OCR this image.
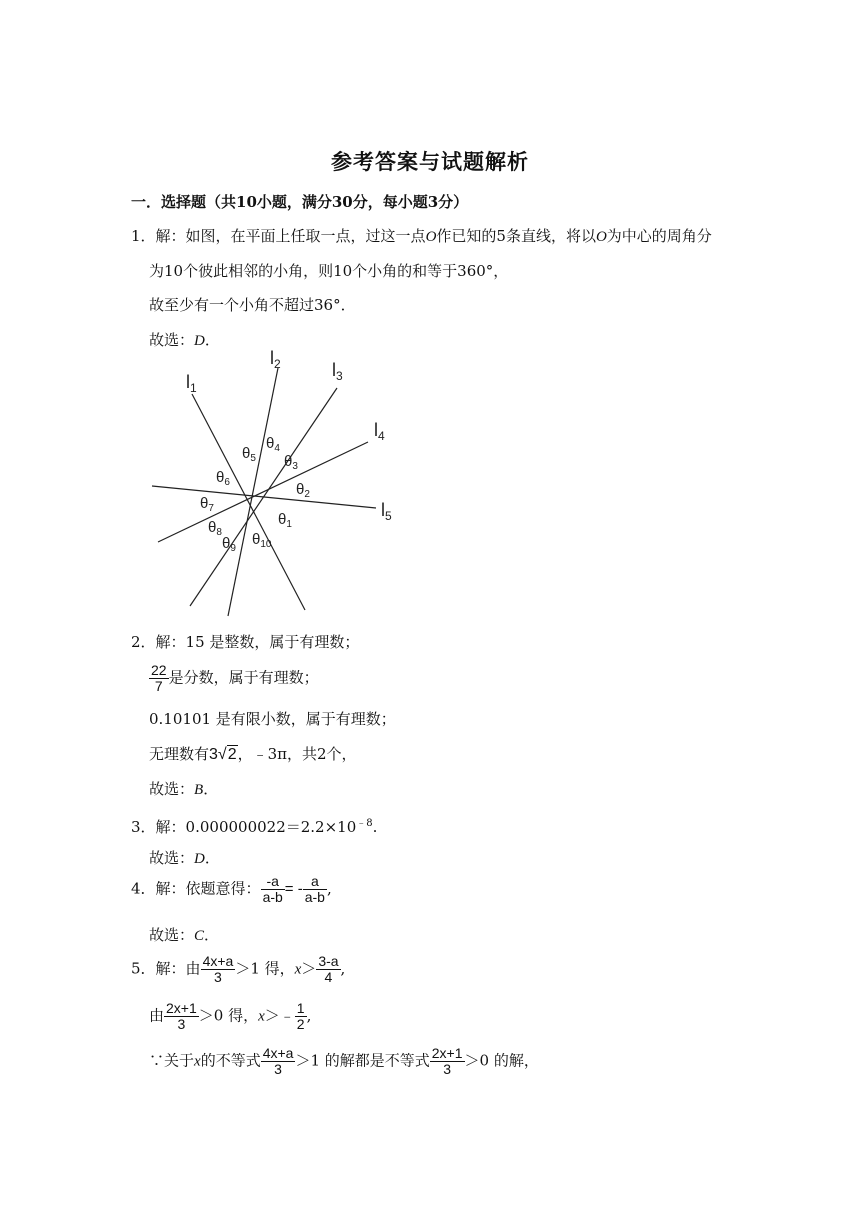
参考答案与试题解析
一．选择题（共10小题，满分30分，每小题3分）
1．解：如图，在平面上任取一点，过这一点O作已知的5条直线，将以O为中心的周角分
为10个彼此相邻的小角，则10个小角的和等于360°，
故至少有一个小角不超过36°．
故选：D．
$l_1$
$l_2$	$l_3$
$l_4$
$l_5$
$\theta_1$
$\theta_2$
$\theta_3$
$\theta_4$
$\theta_5$
$\theta_6$
$\theta_7$
$\theta_8$
$\theta_9$
$\theta_{10}$
2．解：15 是整数，属于有理数；
$\frac{22}{7}$ 是分数，属于有理数；
0.10101 是有限小数，属于有理数；
无理数有3√2，﹣3π，共2个，
故选：B．
3．解：$0.000000022=2.2\times 10^{﹣8}$.
故选：D．
4．解：依题意得： $\frac{-a}{a-b}$ = - $\frac{a}{a-b}$ ,
故选：C．
5．解：由 $\frac{4x+a}{3} >1$ 得，$x> \frac{3-a}{4}$ ,
由 $\frac{2x+1}{3} >0$ 得，x＞﹣ $\frac{1}{2}$ ,
∵关于x的不等式 $\frac{4x+a}{3} >1$ 的解都是不等式 $\frac{2x+1}{3} >0$ 的解，
